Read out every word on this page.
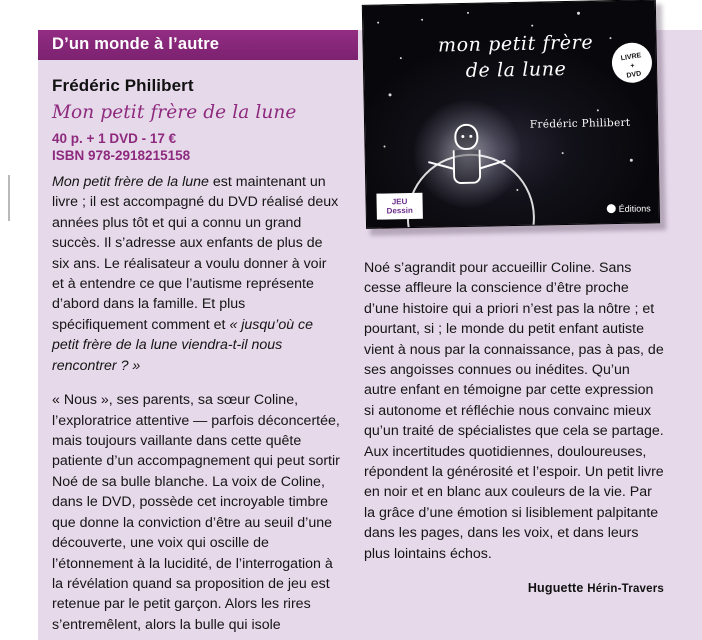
D’un monde à l’autre	mon petit frère
de la lune
Frédéric Philibert
LIVRE
+
DVD
JEU
Dessin	Éditions
Frédéric Philibert
Mon petit frère de la lune
40 p. + 1 DVD - 17 €
ISBN 978-2918215158

Mon petit frère de la lune est maintenant un livre ; il est accompagné du DVD réalisé deux années plus tôt et qui a connu un grand succès. Il s’adresse aux enfants de plus de six ans. Le réalisateur a voulu donner à voir et à entendre ce que l’autisme représente d’abord dans la famille. Et plus spécifiquement comment et « jusqu’où ce petit frère de la lune viendra-t-il nous rencontrer ? »

« Nous », ses parents, sa sœur Coline, l’exploratrice attentive — parfois déconcertée, mais toujours vaillante dans cette quête patiente d’un accompagnement qui peut sortir Noé de sa bulle blanche. La voix de Coline, dans le DVD, possède cet incroyable timbre que donne la conviction d’être au seuil d’une découverte, une voix qui oscille de l’étonnement à la lucidité, de l’interrogation à la révélation quand sa proposition de jeu est retenue par le petit garçon. Alors les rires s’entremêlent, alors la bulle qui isole

Noé s’agrandit pour accueillir Coline. Sans cesse affleure la conscience d’être proche d’une histoire qui a priori n’est pas la nôtre ; et pourtant, si ; le monde du petit enfant autiste vient à nous par la connaissance, pas à pas, de ses angoisses connues ou inédites. Qu’un autre enfant en témoigne par cette expression si autonome et réfléchie nous convainc mieux qu’un traité de spécialistes que cela se partage.

Aux incertitudes quotidiennes, douloureuses, répondent la générosité et l’espoir. Un petit livre en noir et en blanc aux couleurs de la vie. Par la grâce d’une émotion si lisiblement palpitante dans les pages, dans les voix, et dans leurs plus lointains échos.

Huguette Hérin-Travers
